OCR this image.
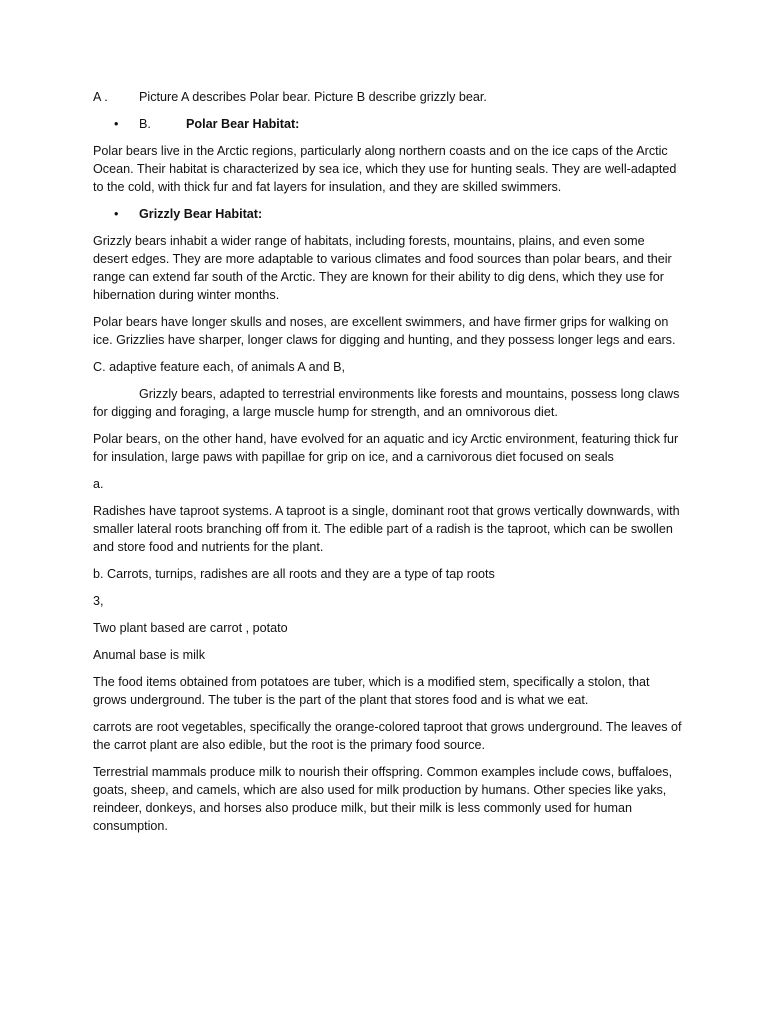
A .	Picture A describes Polar bear. Picture B describe grizzly bear.
•	B.	Polar Bear Habitat:

Polar bears live in the Arctic regions, particularly along northern coasts and on the ice caps of the Arctic Ocean. Their habitat is characterized by sea ice, which they use for hunting seals. They are well-adapted to the cold, with thick fur and fat layers for insulation, and they are skilled swimmers.

•	Grizzly Bear Habitat:

Grizzly bears inhabit a wider range of habitats, including forests, mountains, plains, and even some desert edges. They are more adaptable to various climates and food sources than polar bears, and their range can extend far south of the Arctic. They are known for their ability to dig dens, which they use for hibernation during winter months.

Polar bears have longer skulls and noses, are excellent swimmers, and have firmer grips for walking on ice. Grizzlies have sharper, longer claws for digging and hunting, and they possess longer legs and ears.

C. adaptive feature each, of animals A and B,

Grizzly bears, adapted to terrestrial environments like forests and mountains, possess long claws for digging and foraging, a large muscle hump for strength, and an omnivorous diet.

Polar bears, on the other hand, have evolved for an aquatic and icy Arctic environment, featuring thick fur for insulation, large paws with papillae for grip on ice, and a carnivorous diet focused on seals

a.

Radishes have taproot systems. A taproot is a single, dominant root that grows vertically downwards, with smaller lateral roots branching off from it. The edible part of a radish is the taproot, which can be swollen and store food and nutrients for the plant.

b. Carrots, turnips, radishes are all roots and they are a type of tap roots

3,

Two plant based are carrot , potato

Anumal base is milk

The food items obtained from potatoes are tuber, which is a modified stem, specifically a stolon, that grows underground. The tuber is the part of the plant that stores food and is what we eat.

carrots are root vegetables, specifically the orange-colored taproot that grows underground. The leaves of the carrot plant are also edible, but the root is the primary food source.

Terrestrial mammals produce milk to nourish their offspring. Common examples include cows, buffaloes, goats, sheep, and camels, which are also used for milk production by humans. Other species like yaks, reindeer, donkeys, and horses also produce milk, but their milk is less commonly used for human consumption.
